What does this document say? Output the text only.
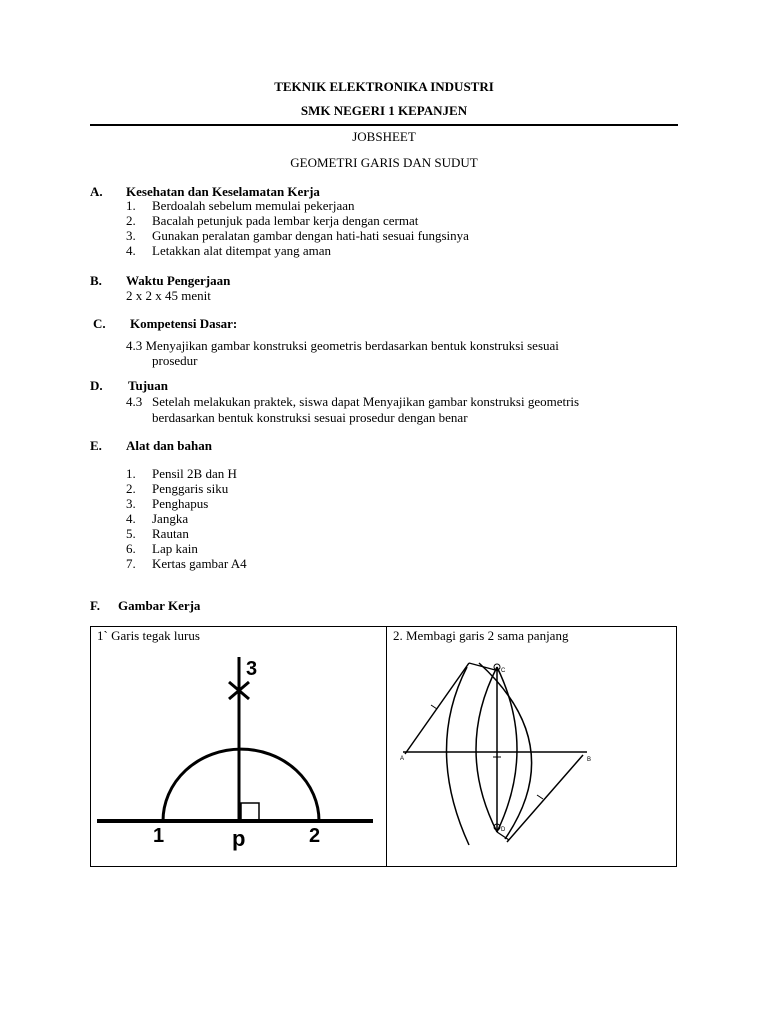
TEKNIK ELEKTRONIKA INDUSTRI
SMK NEGERI 1 KEPANJEN
JOBSHEET
GEOMETRI GARIS DAN SUDUT
A. Kesehatan dan Keselamatan Kerja
1. Berdoalah sebelum memulai pekerjaan
2. Bacalah petunjuk pada lembar kerja dengan cermat
3. Gunakan peralatan gambar dengan hati-hati sesuai fungsinya
4. Letakkan alat ditempat yang aman
B. Waktu Pengerjaan
2 x 2 x 45 menit
C. Kompetensi Dasar:
4.3 Menyajikan gambar konstruksi geometris berdasarkan bentuk konstruksi sesuai
prosedur
D. Tujuan
4.3 Setelah melakukan praktek, siswa dapat Menyajikan gambar konstruksi geometris
berdasarkan bentuk konstruksi sesuai prosedur dengan benar
E. Alat dan bahan
1. Pensil 2B dan H
2. Penggaris siku
3. Penghapus
4. Jangka
5. Rautan
6. Lap kain
7. Kertas gambar A4
F. Gambar Kerja
1` Garis tegak lurus
3
1	p	2
2. Membagi garis 2 sama panjang
A	B
C
D
